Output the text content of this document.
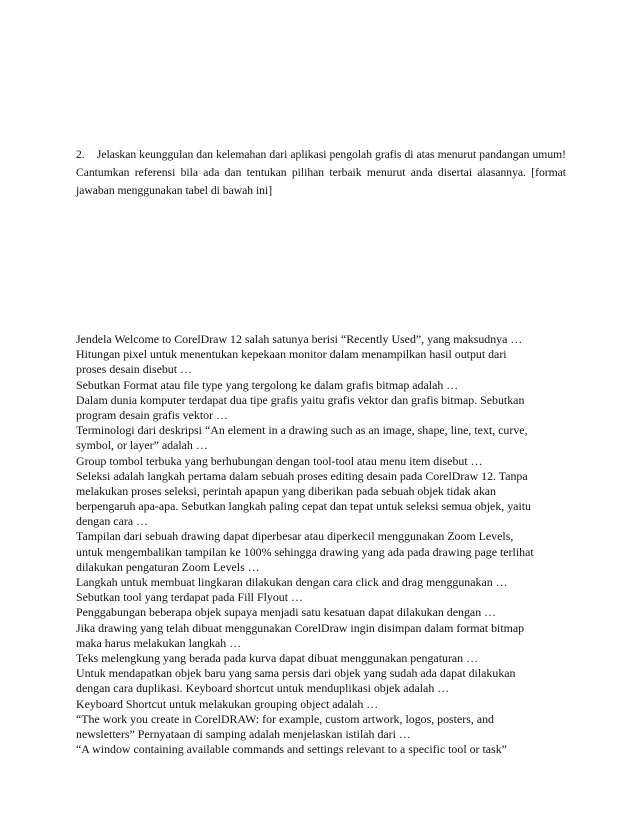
2. Jelaskan keunggulan dan kelemahan dari aplikasi pengolah grafis di atas menurut pandangan umum! Cantumkan referensi bila ada dan tentukan pilihan terbaik menurut anda disertai alasannya. [format jawaban menggunakan tabel di bawah ini]

Jendela Welcome to CorelDraw 12 salah satunya berisi “Recently Used”, yang maksudnya …
Hitungan pixel untuk menentukan kepekaan monitor dalam menampilkan hasil output dari
proses desain disebut …
Sebutkan Format atau file type yang tergolong ke dalam grafis bitmap adalah …
Dalam dunia komputer terdapat dua tipe grafis yaitu grafis vektor dan grafis bitmap. Sebutkan
program desain grafis vektor …
Terminologi dari deskripsi “An element in a drawing such as an image, shape, line, text, curve,
symbol, or layer” adalah …
Group tombol terbuka yang berhubungan dengan tool-tool atau menu item disebut …
Seleksi adalah langkah pertama dalam sebuah proses editing desain pada CorelDraw 12. Tanpa
melakukan proses seleksi, perintah apapun yang diberikan pada sebuah objek tidak akan
berpengaruh apa-apa. Sebutkan langkah paling cepat dan tepat untuk seleksi semua objek, yaitu
dengan cara …
Tampilan dari sebuah drawing dapat diperbesar atau diperkecil menggunakan Zoom Levels,
untuk mengembalikan tampilan ke 100% sehingga drawing yang ada pada drawing page terlihat
dilakukan pengaturan Zoom Levels …
Langkah untuk membuat lingkaran dilakukan dengan cara click and drag menggunakan …
Sebutkan tool yang terdapat pada Fill Flyout …
Penggabungan beberapa objek supaya menjadi satu kesatuan dapat dilakukan dengan …
Jika drawing yang telah dibuat menggunakan CorelDraw ingin disimpan dalam format bitmap
maka harus melakukan langkah …
Teks melengkung yang berada pada kurva dapat dibuat menggunakan pengaturan …
Untuk mendapatkan objek baru yang sama persis dari objek yang sudah ada dapat dilakukan
dengan cara duplikasi. Keyboard shortcut untuk menduplikasi objek adalah …
Keyboard Shortcut untuk melakukan grouping object adalah …
“The work you create in CorelDRAW: for example, custom artwork, logos, posters, and
newsletters” Pernyataan di samping adalah menjelaskan istilah dari …
“A window containing available commands and settings relevant to a specific tool or task”
